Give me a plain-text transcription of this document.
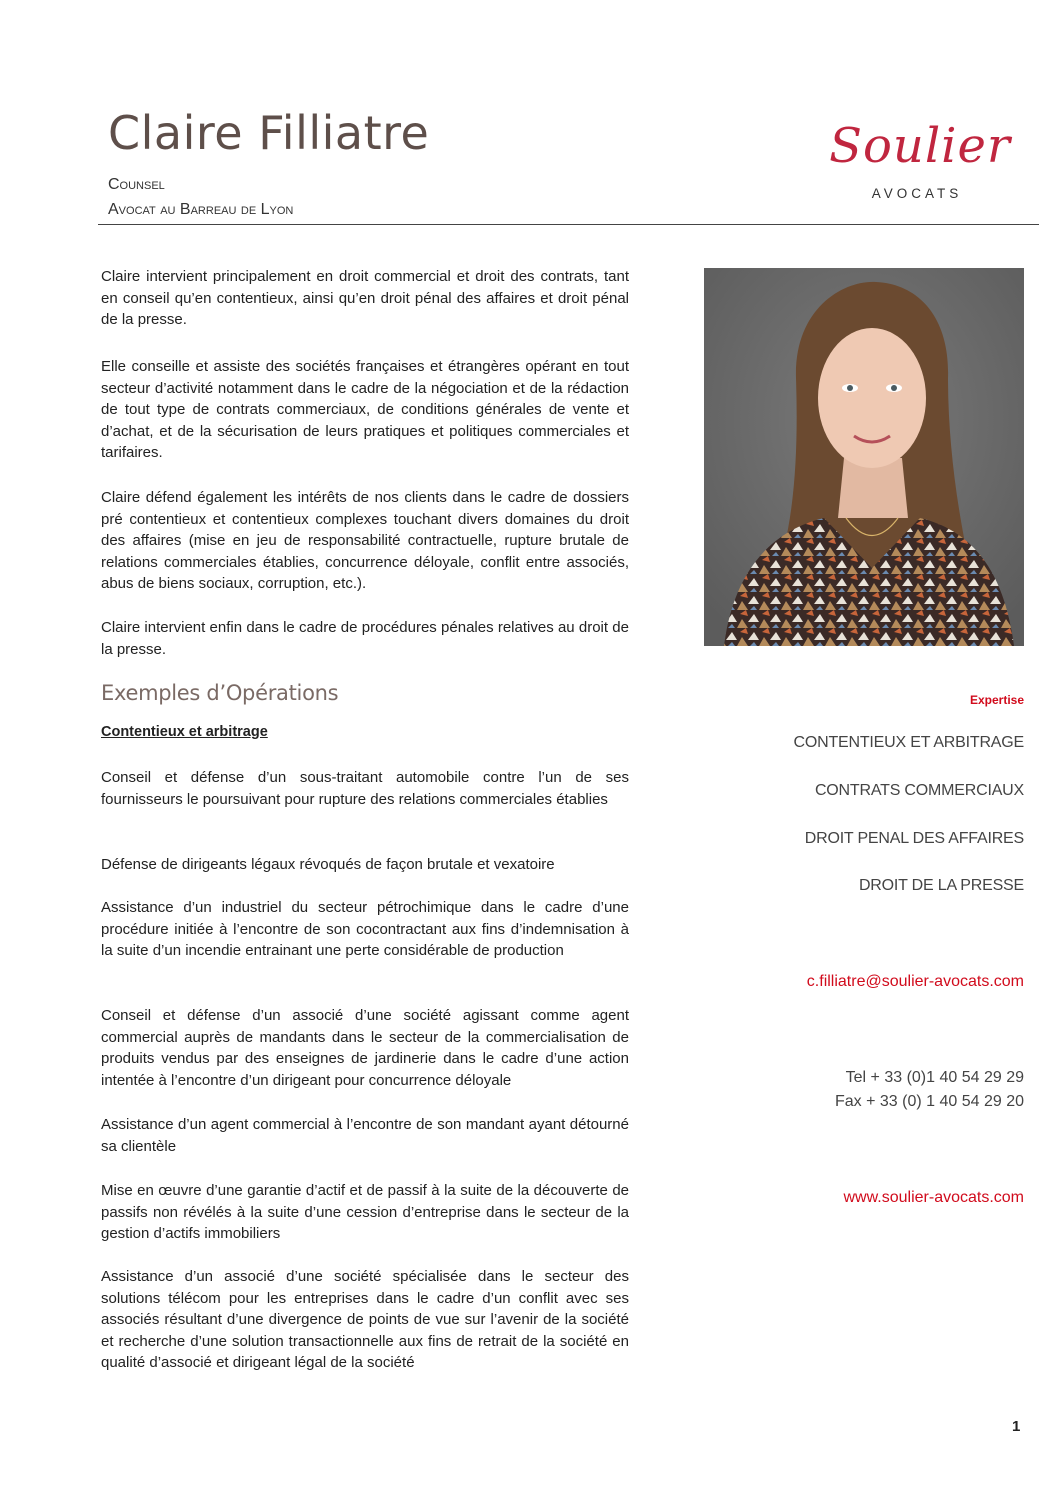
Claire Filliatre
Counsel
Avocat au Barreau de Lyon
Soulier
AVOCATS

Claire intervient principalement en droit commercial et droit des contrats, tant en conseil qu’en contentieux, ainsi qu’en droit pénal des affaires et droit pénal de la presse.

Elle conseille et assiste des sociétés françaises et étrangères opérant en tout secteur d’activité notamment dans le cadre de la négociation et de la rédaction de tout type de contrats commerciaux, de conditions générales de vente et d’achat, et de la sécurisation de leurs pratiques et politiques commerciales et tarifaires.

Claire défend également les intérêts de nos clients dans le cadre de dossiers pré contentieux et contentieux complexes touchant divers domaines du droit des affaires (mise en jeu de responsabilité contractuelle, rupture brutale de relations commerciales établies, concurrence déloyale, conflit entre associés, abus de biens sociaux, corruption, etc.).

Claire intervient enfin dans le cadre de procédures pénales relatives au droit de la presse.

Exemples d’Opérations
Contentieux et arbitrage

Conseil et défense d’un sous-traitant automobile contre l’un de ses fournisseurs le poursuivant pour rupture des relations commerciales établies

Défense de dirigeants légaux révoqués de façon brutale et vexatoire

Assistance d’un industriel du secteur pétrochimique dans le cadre d’une procédure initiée à l’encontre de son cocontractant aux fins d’indemnisation à la suite d’un incendie entrainant une perte considérable de production

Conseil et défense d’un associé d’une société agissant comme agent commercial auprès de mandants dans le secteur de la commercialisation de produits vendus par des enseignes de jardinerie dans le cadre d’une action intentée à l’encontre d’un dirigeant pour concurrence déloyale

Assistance d’un agent commercial à l’encontre de son mandant ayant détourné sa clientèle

Mise en œuvre d’une garantie d’actif et de passif à la suite de la découverte de passifs non révélés à la suite d’une cession d’entreprise dans le secteur de la gestion d’actifs immobiliers

Assistance d’un associé d’une société spécialisée dans le secteur des solutions télécom pour les entreprises dans le cadre d’un conflit avec ses associés résultant d’une divergence de points de vue sur l’avenir de la société et recherche d’une solution transactionnelle aux fins de retrait de la société en qualité d’associé et dirigeant légal de la société

Expertise
CONTENTIEUX ET ARBITRAGE
CONTRATS COMMERCIAUX
DROIT PENAL DES AFFAIRES
DROIT DE LA PRESSE
c.filliatre@soulier-avocats.com
Tel + 33 (0)1 40 54 29 29
Fax + 33 (0) 1 40 54 29 20
www.soulier-avocats.com
1
